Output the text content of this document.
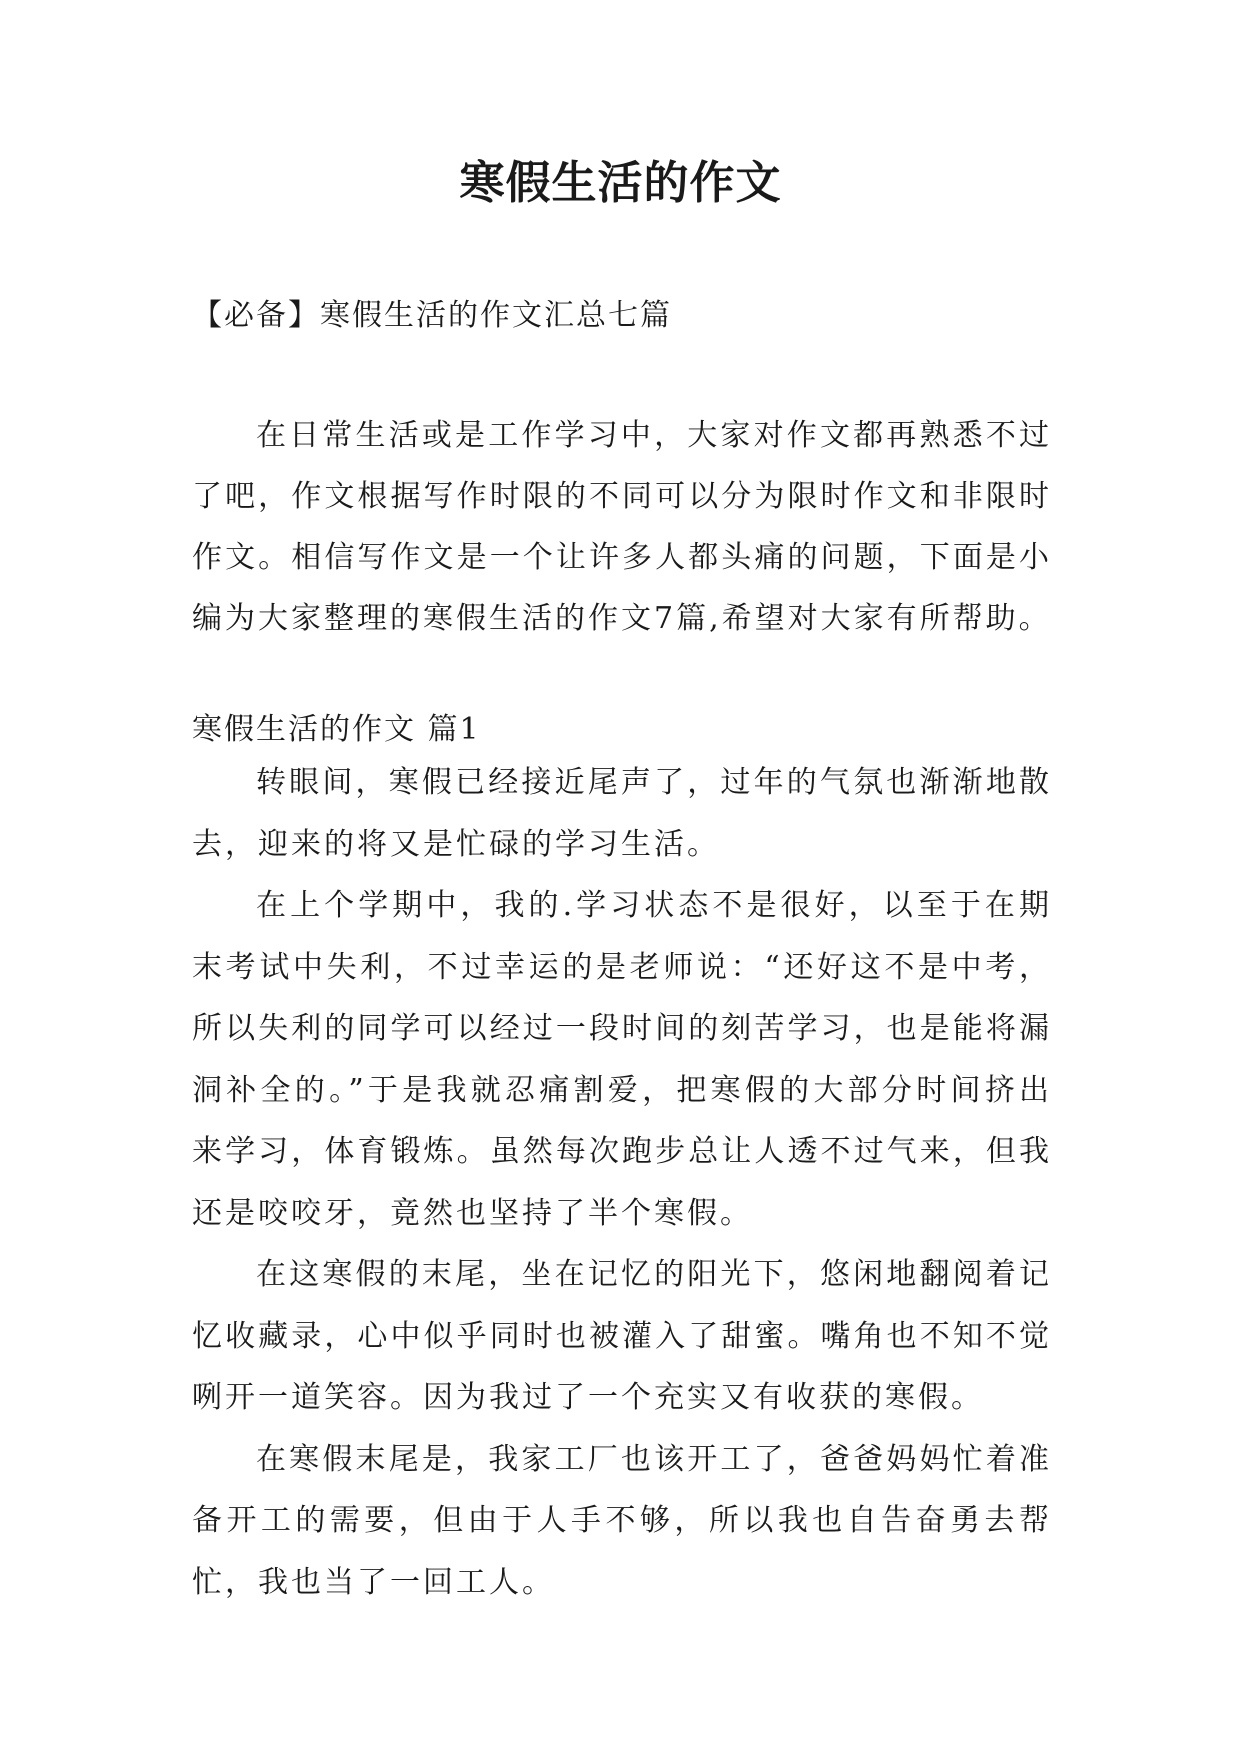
寒假生活的作文

【必备】寒假生活的作文汇总七篇

在日常生活或是工作学习中，大家对作文都再熟悉不过了吧，作文根据写作时限的不同可以分为限时作文和非限时作文。相信写作文是一个让许多人都头痛的问题，下面是小编为大家整理的寒假生活的作文7篇,希望对大家有所帮助。

寒假生活的作文 篇1

转眼间，寒假已经接近尾声了，过年的气氛也渐渐地散去，迎来的将又是忙碌的学习生活。

在上个学期中，我的.学习状态不是很好，以至于在期末考试中失利，不过幸运的是老师说：“还好这不是中考，所以失利的同学可以经过一段时间的刻苦学习，也是能将漏洞补全的。”于是我就忍痛割爱，把寒假的大部分时间挤出来学习，体育锻炼。虽然每次跑步总让人透不过气来，但我还是咬咬牙，竟然也坚持了半个寒假。

在这寒假的末尾，坐在记忆的阳光下，悠闲地翻阅着记忆收藏录，心中似乎同时也被灌入了甜蜜。嘴角也不知不觉咧开一道笑容。因为我过了一个充实又有收获的寒假。

在寒假末尾是，我家工厂也该开工了，爸爸妈妈忙着准备开工的需要，但由于人手不够，所以我也自告奋勇去帮忙，我也当了一回工人。
